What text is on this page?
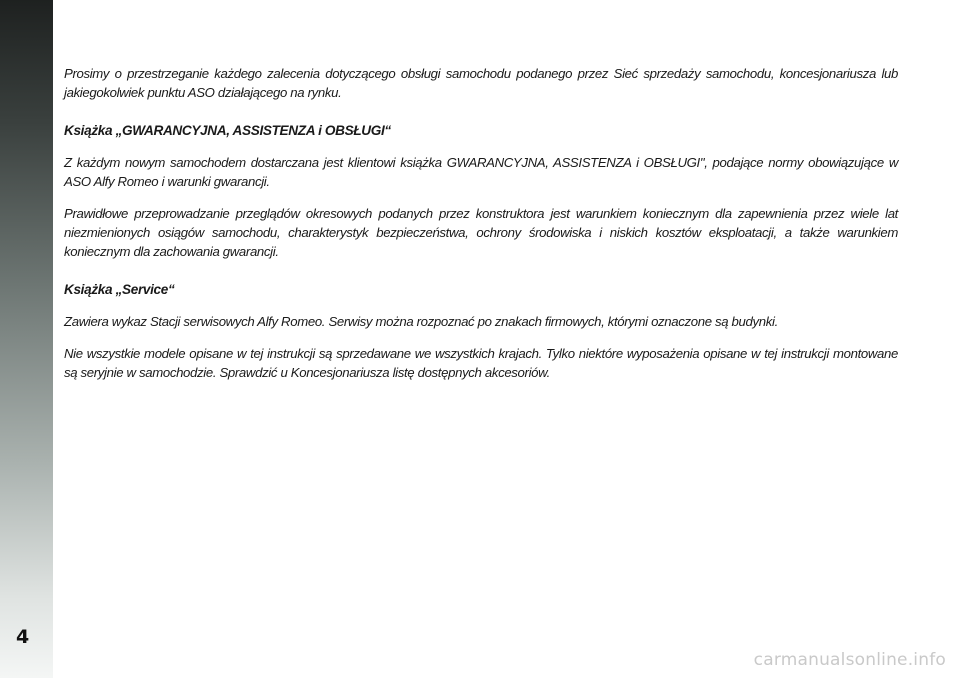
Prosimy o przestrzeganie każdego zalecenia dotyczącego obsługi samochodu podanego przez Sieć sprzedaży samochodu, koncesjonariusza lub jakiegokolwiek punktu ASO działającego na rynku.

Książka „GWARANCYJNA, ASSISTENZA i OBSŁUGI“

Z każdym nowym samochodem dostarczana jest klientowi książka GWARANCYJNA, ASSISTENZA i OBSŁUGI", podające normy obowiązujące w ASO Alfy Romeo i warunki gwarancji.

Prawidłowe przeprowadzanie przeglądów okresowych podanych przez konstruktora jest warunkiem koniecznym dla zapewnienia przez wiele lat niezmienionych osiągów samochodu, charakterystyk bezpieczeństwa, ochrony środowiska i niskich kosztów eksploatacji, a także warunkiem koniecznym dla zachowania gwarancji.

Książka „Service“

Zawiera wykaz Stacji serwisowych Alfy Romeo. Serwisy można rozpoznać po znakach firmowych, którymi oznaczone są budynki.

Nie wszystkie modele opisane w tej instrukcji są sprzedawane we wszystkich krajach. Tylko niektóre wyposażenia opisane w tej instrukcji montowane są seryjnie w samochodzie. Sprawdzić u Koncesjonariusza listę dostępnych akcesoriów.

4
carmanualsonline.info
